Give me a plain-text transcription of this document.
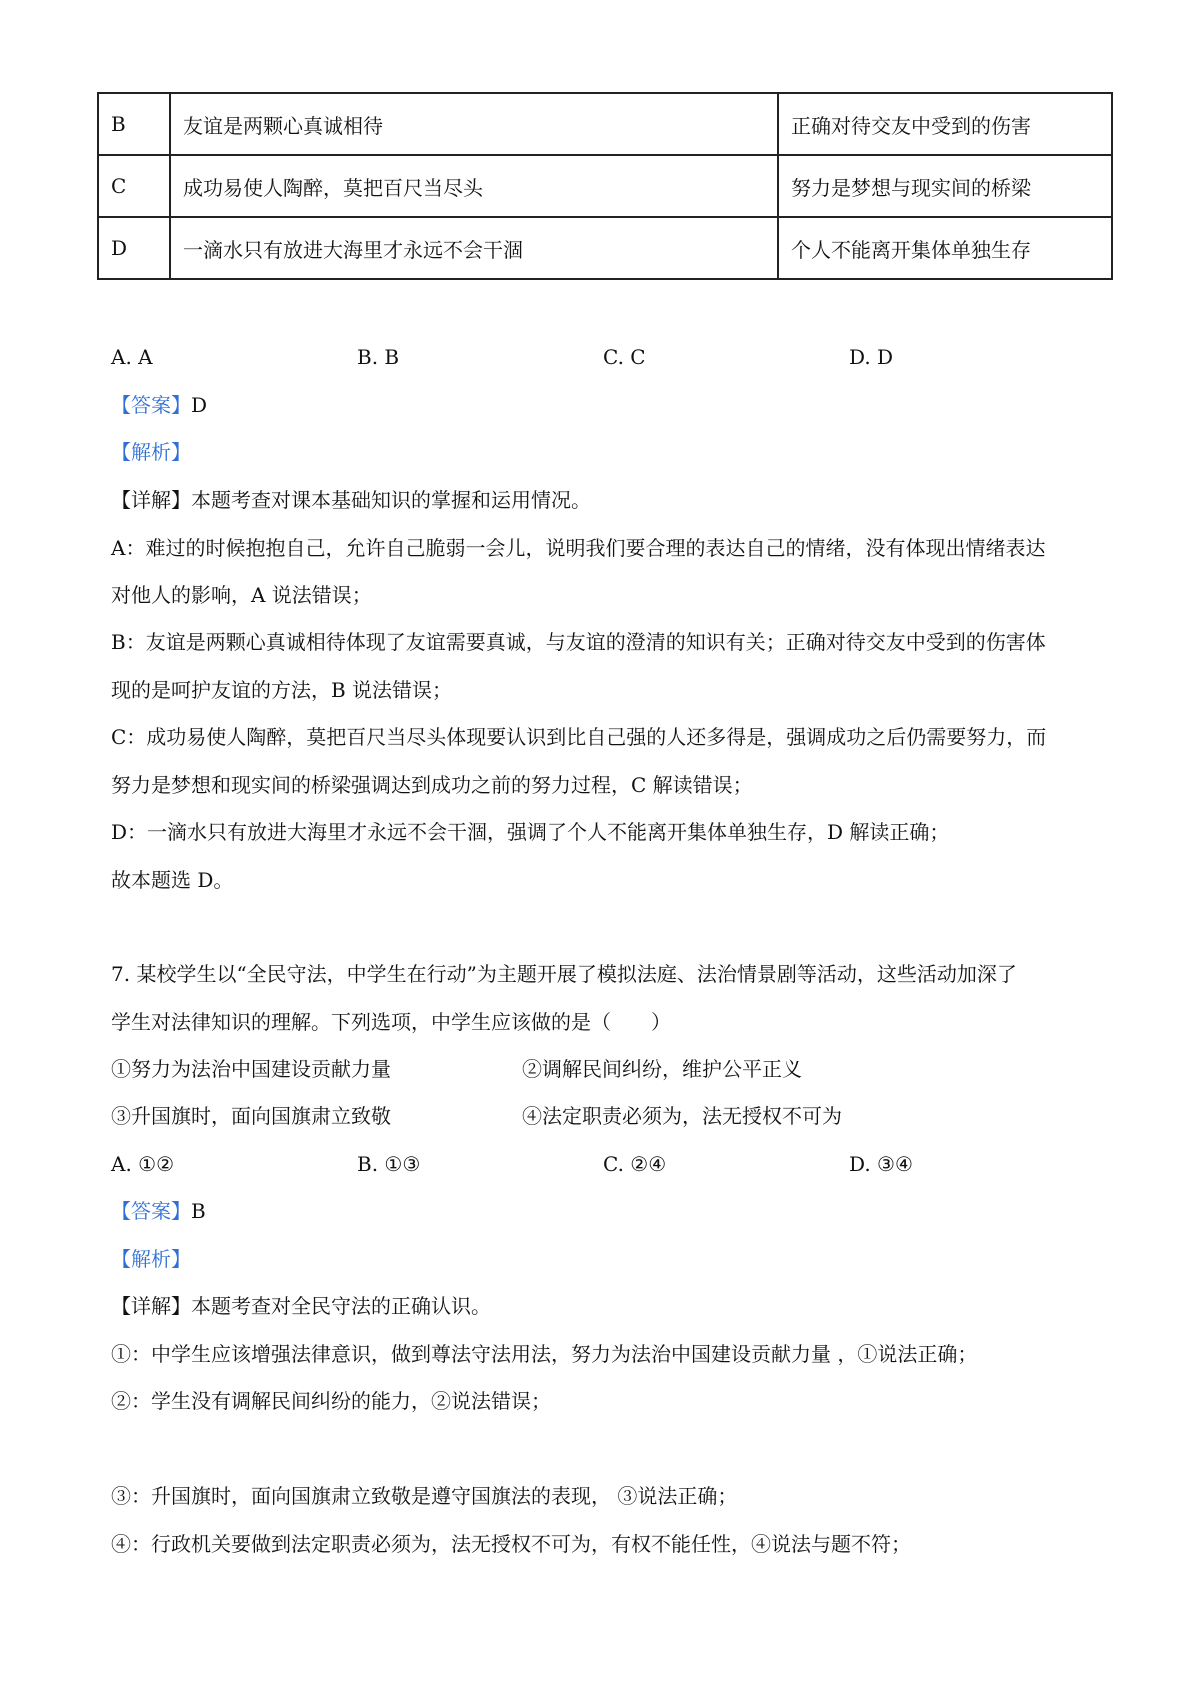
B	友谊是两颗心真诚相待	正确对待交友中受到的伤害
C	成功易使人陶醉，莫把百尺当尽头	努力是梦想与现实间的桥梁
D	一滴水只有放进大海里才永远不会干涸	个人不能离开集体单独生存
A. A	B. B	C. C	D. D
【答案】D
【解析】
【详解】本题考查对课本基础知识的掌握和运用情况。
A：难过的时候抱抱自己，允许自己脆弱一会儿，说明我们要合理的表达自己的情绪，没有体现出情绪表达
对他人的影响，A 说法错误；
B：友谊是两颗心真诚相待体现了友谊需要真诚，与友谊的澄清的知识有关；正确对待交友中受到的伤害体
现的是呵护友谊的方法，B 说法错误；
C：成功易使人陶醉，莫把百尺当尽头体现要认识到比自己强的人还多得是，强调成功之后仍需要努力，而
努力是梦想和现实间的桥梁强调达到成功之前的努力过程，C 解读错误；
D：一滴水只有放进大海里才永远不会干涸，强调了个人不能离开集体单独生存，D 解读正确；
故本题选 D。
7. 某校学生以“全民守法，中学生在行动”为主题开展了模拟法庭、法治情景剧等活动，这些活动加深了
学生对法律知识的理解。下列选项，中学生应该做的是（　　）
①努力为法治中国建设贡献力量	②调解民间纠纷，维护公平正义
③升国旗时，面向国旗肃立致敬	④法定职责必须为，法无授权不可为
A. ①②	B. ①③	C. ②④	D. ③④
【答案】B
【解析】
【详解】本题考查对全民守法的正确认识。
①：中学生应该增强法律意识，做到尊法守法用法，努力为法治中国建设贡献力量 ，①说法正确；
②：学生没有调解民间纠纷的能力，②说法错误；
③：升国旗时，面向国旗肃立致敬是遵守国旗法的表现， ③说法正确；
④：行政机关要做到法定职责必须为，法无授权不可为，有权不能任性，④说法与题不符；
